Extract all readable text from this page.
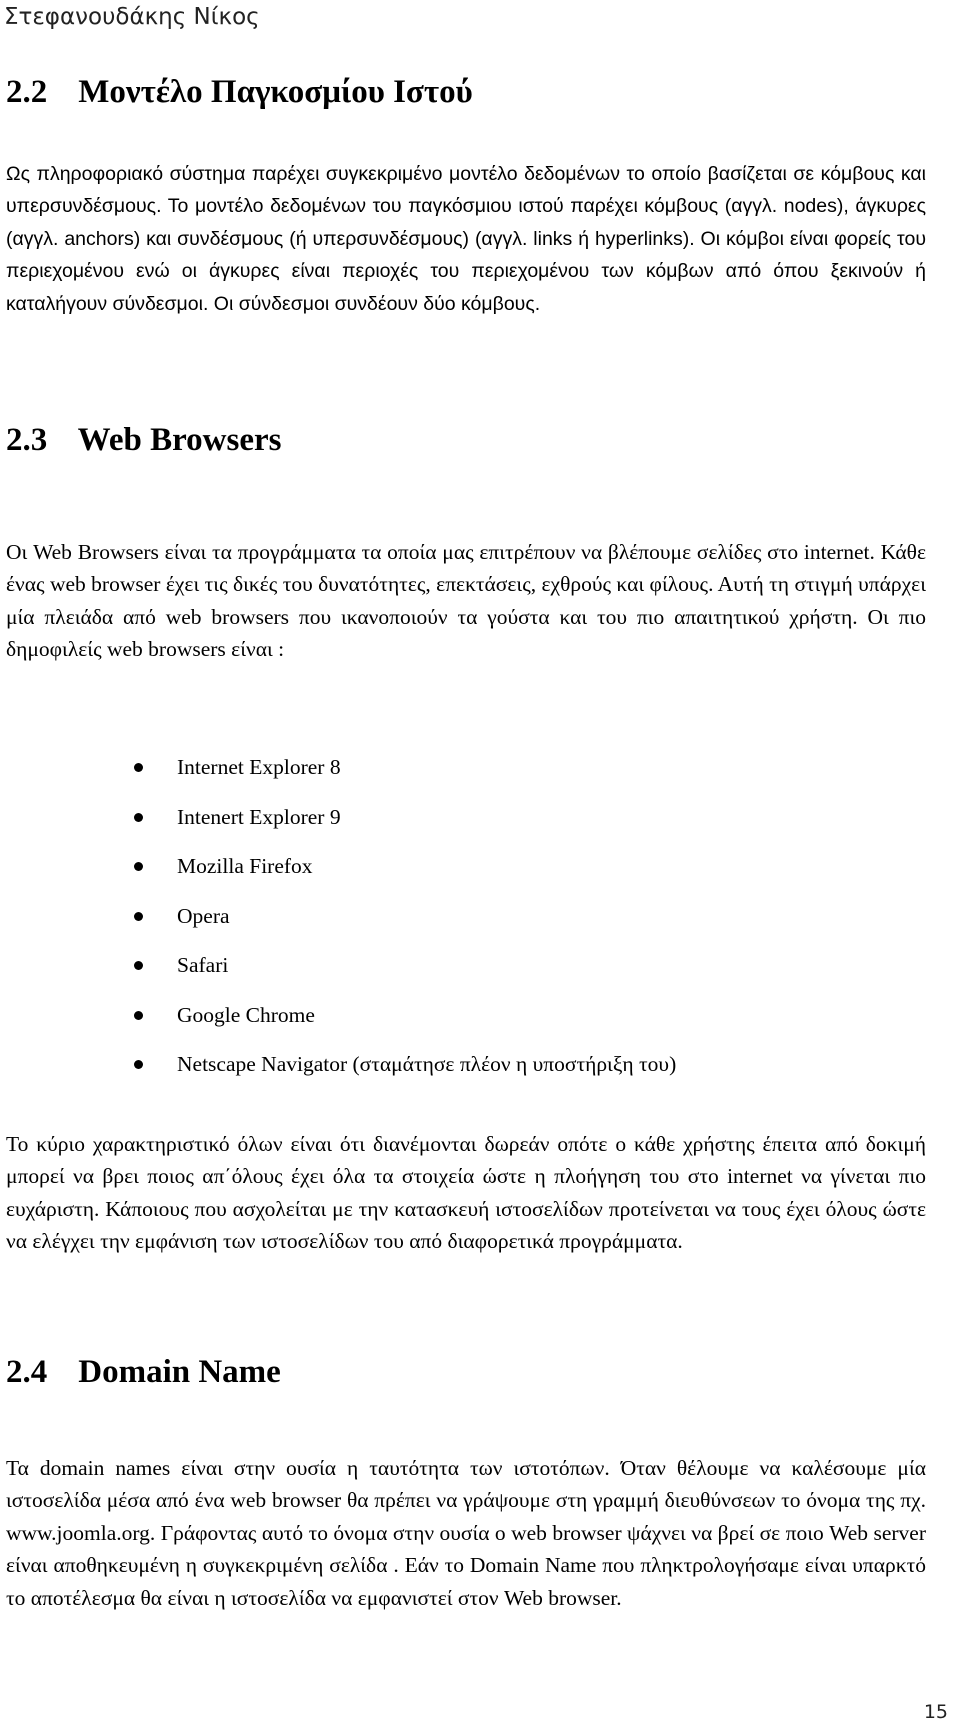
Στεφανουδάκης Νίκος
2.2 Μοντέλο Παγκοσμίου Ιστού

Ως πληροφοριακό σύστημα παρέχει συγκεκριμένο μοντέλο δεδομένων το οποίο βασίζεται σε κόμβους και υπερσυνδέσμους. Το μοντέλο δεδομένων του παγκόσμιου ιστού παρέχει κόμβους (αγγλ. nodes), άγκυρες (αγγλ. anchors) και συνδέσμους (ή υπερσυνδέσμους) (αγγλ. links ή hyperlinks). Οι κόμβοι είναι φορείς του περιεχομένου ενώ οι άγκυρες είναι περιοχές του περιεχομένου των κόμβων από όπου ξεκινούν ή καταλήγουν σύνδεσμοι. Οι σύνδεσμοι συνδέουν δύο κόμβους.

2.3 Web Browsers

Οι Web Browsers είναι τα προγράμματα τα οποία μας επιτρέπουν να βλέπουμε σελίδες στο internet. Κάθε ένας web browser έχει τις δικές του δυνατότητες, επεκτάσεις, εχθρούς και φίλους. Αυτή τη στιγμή υπάρχει μία πλειάδα από web browsers που ικανοποιούν τα γούστα και του πιο απαιτητικού χρήστη. Οι πιο δημοφιλείς web browsers είναι :

Internet Explorer 8
Intenert Explorer 9
Mozilla Firefox
Opera
Safari
Google Chrome
Netscape Navigator (σταμάτησε πλέον η υποστήριξη του)

Το κύριο χαρακτηριστικό όλων είναι ότι διανέμονται δωρεάν οπότε ο κάθε χρήστης έπειτα από δοκιμή μπορεί να βρει ποιος απ΄όλους έχει όλα τα στοιχεία ώστε η πλοήγηση του στο internet να γίνεται πιο ευχάριστη. Κάποιους που ασχολείται με την κατασκευή ιστοσελίδων προτείνεται να τους έχει όλους ώστε να ελέγχει την εμφάνιση των ιστοσελίδων του από διαφορετικά προγράμματα.

2.4 Domain Name

Τα domain names είναι στην ουσία η ταυτότητα των ιστοτόπων. Όταν θέλουμε να καλέσουμε μία ιστοσελίδα μέσα από ένα web browser θα πρέπει να γράψουμε στη γραμμή διευθύνσεων το όνομα της πχ. www.joomla.org. Γράφοντας αυτό το όνομα στην ουσία ο web browser ψάχνει να βρεί σε ποιο Web server είναι αποθηκευμένη η συγκεκριμένη σελίδα . Εάν το Domain Name που πληκτρολογήσαμε είναι υπαρκτό το αποτέλεσμα θα είναι η ιστοσελίδα να εμφανιστεί στον Web browser.

15
